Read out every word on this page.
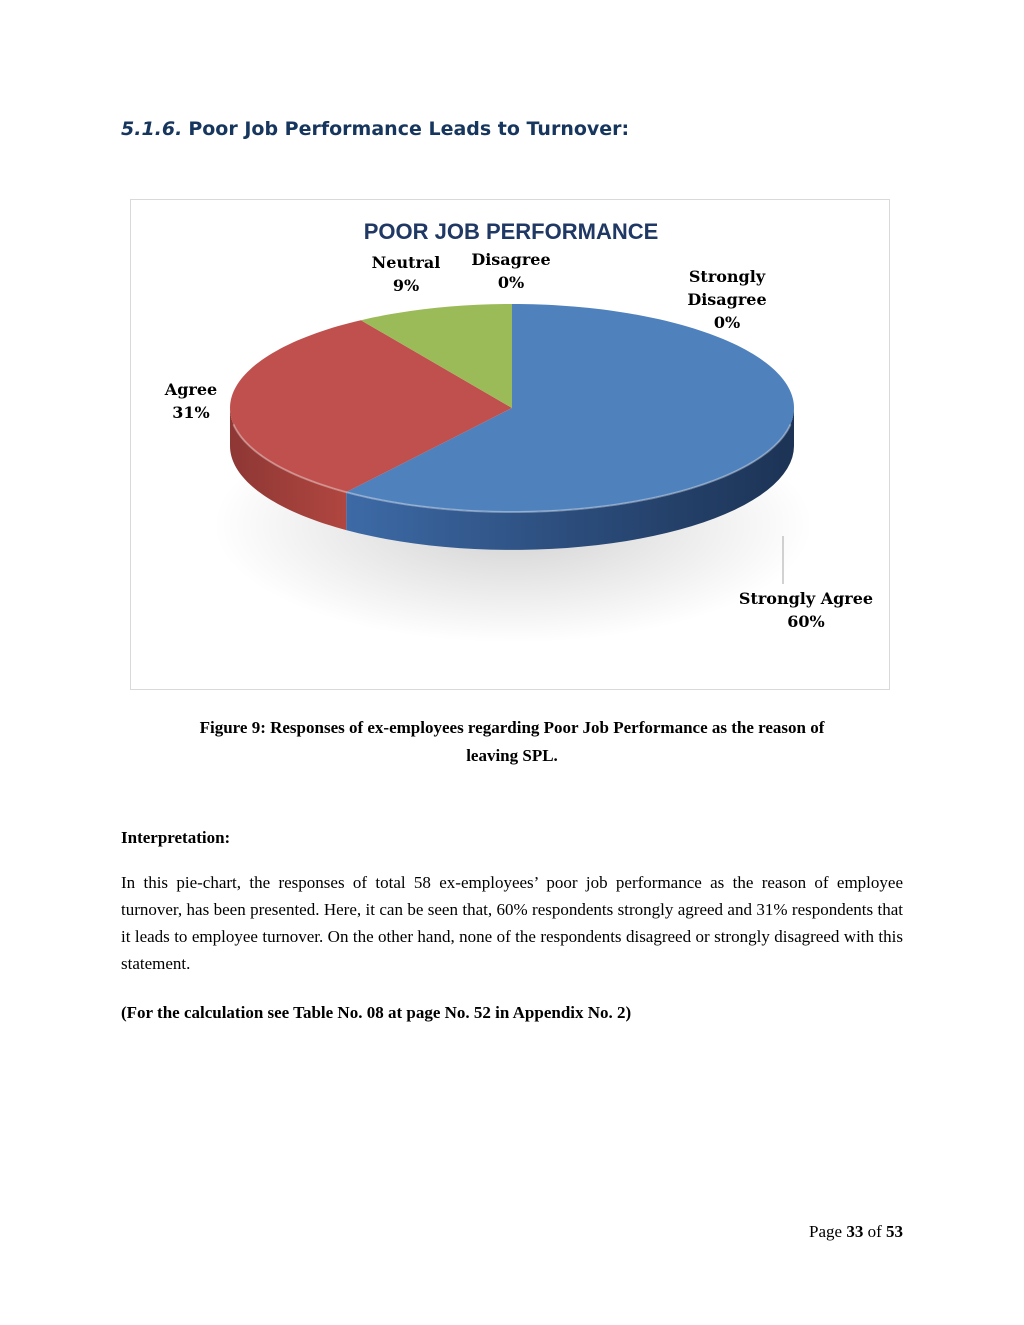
5.1.6. Poor Job Performance Leads to Turnover:
POOR JOB PERFORMANCE
Strongly Agree
60%
Agree
31%
Neutral
9%
Disagree
0%	Strongly
Disagree
0%
Figure 9: Responses of ex-employees regarding Poor Job Performance as the reason of
leaving SPL.
Interpretation:

In this pie-chart, the responses of total 58 ex-employees’ poor job performance as the reason of employee turnover, has been presented. Here, it can be seen that, 60% respondents strongly agreed and 31% respondents that it leads to employee turnover. On the other hand, none of the respondents disagreed or strongly disagreed with this statement.

(For the calculation see Table No. 08 at page No. 52 in Appendix No. 2)
Page 33 of 53
